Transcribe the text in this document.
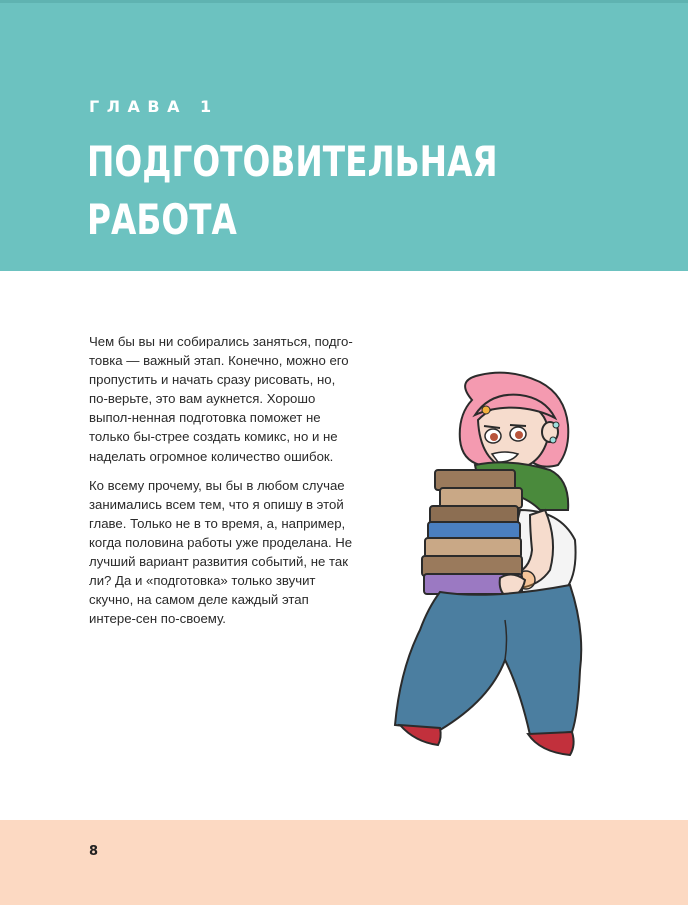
ГЛАВА 1
ПОДГОТОВИТЕЛЬНАЯ
РАБОТА

Чем бы вы ни собирались заняться, подго-товка — важный этап. Конечно, можно его пропустить и начать сразу рисовать, но, по-верьте, это вам аукнется. Хорошо выпол-ненная подготовка поможет не только бы-стрее создать комикс, но и не наделать огромное количество ошибок.

Ко всему прочему, вы бы в любом случае занимались всем тем, что я опишу в этой главе. Только не в то время, а, например, когда половина работы уже проделана. Не лучший вариант развития событий, не так ли? Да и «подготовка» только звучит скучно, на самом деле каждый этап интере-сен по-своему.

8
